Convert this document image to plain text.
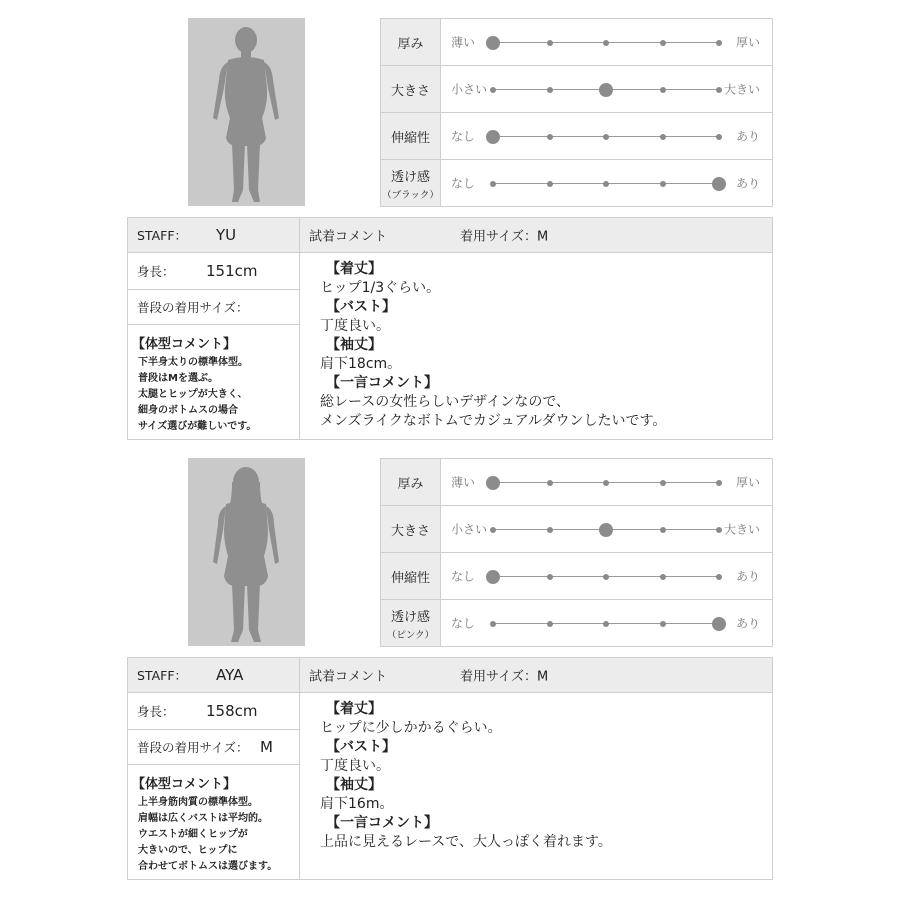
厚み 薄い	厚い
大きさ 小さい	大きい
伸縮性 なし	あり
透け感
（ブラック）
なし	あり
STAFF： YU
身長： 151cm
普段の着用サイズ：
【体型コメント】
下半身太りの標準体型。
普段はMを選ぶ。
太腿とヒップが大きく、
細身のボトムスの場合
サイズ選びが難しいです。
試着コメント	着用サイズ：M
【着丈】
ヒップ1/3ぐらい。
【バスト】
丁度良い。
【袖丈】
肩下18cm。
【一言コメント】
総レースの女性らしいデザインなので、
メンズライクなボトムでカジュアルダウンしたいです。
厚み 薄い	厚い
大きさ 小さい	大きい
伸縮性 なし	あり
透け感
（ピンク）
なし	あり
STAFF： AYA
身長： 158cm
普段の着用サイズ： M
【体型コメント】
上半身筋肉質の標準体型。
肩幅は広くバストは平均的。
ウエストが細くヒップが
大きいので、ヒップに
合わせてボトムスは選びます。
試着コメント	着用サイズ：M
【着丈】
ヒップに少しかかるぐらい。
【バスト】
丁度良い。
【袖丈】
肩下16m。
【一言コメント】
上品に見えるレースで、大人っぽく着れます。
